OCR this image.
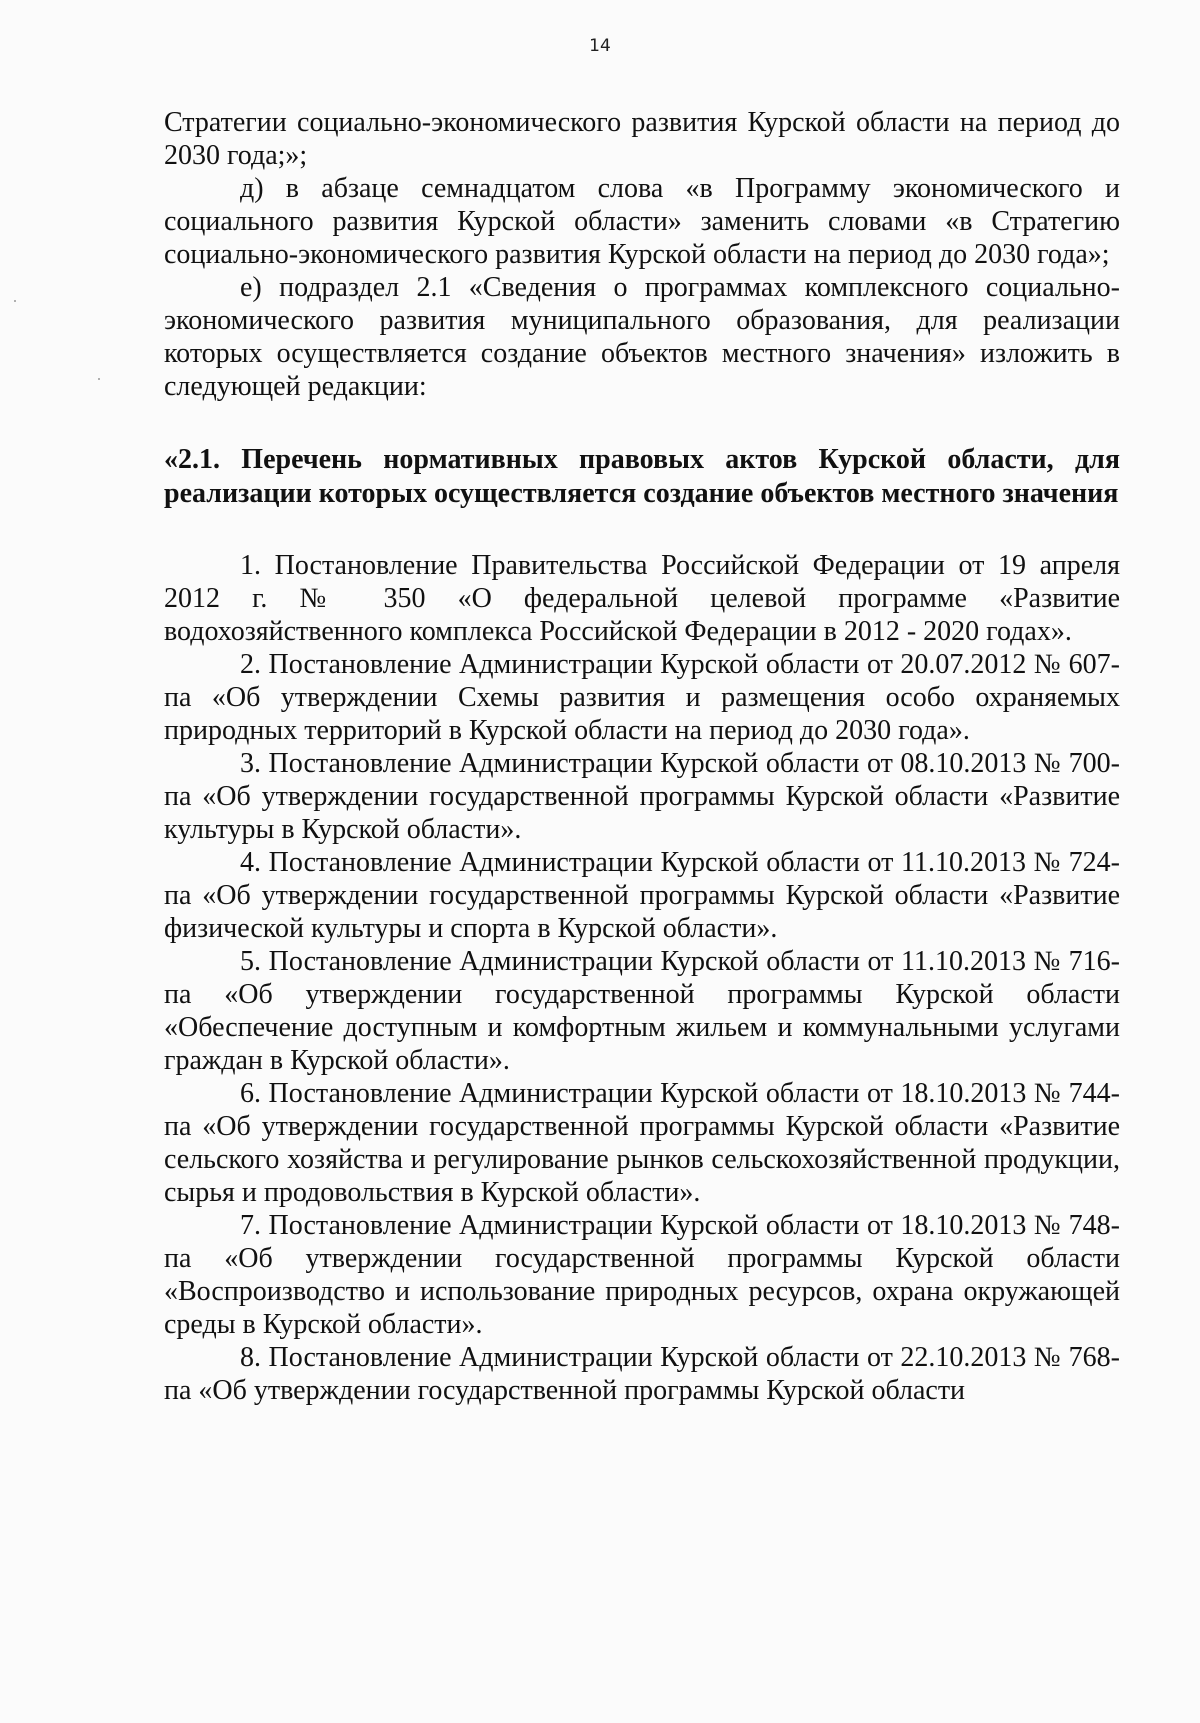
14

Стратегии социально-экономического развития Курской области на период до 2030 года;»;

д) в абзаце семнадцатом слова «в Программу экономического и социального развития Курской области» заменить словами «в Стратегию социально-экономического развития Курской области на период до 2030 года»;

е) подраздел 2.1 «Сведения о программах комплексного социально-экономического развития муниципального образования, для реализации которых осуществляется создание объектов местного значения» изложить в следующей редакции:

«2.1. Перечень нормативных правовых актов Курской области, для реализации которых осуществляется создание объектов местного значения

1. Постановление Правительства Российской Федерации от 19 апреля 2012 г. № 350 «О федеральной целевой программе «Развитие водохозяйственного комплекса Российской Федерации в 2012 - 2020 годах».

2. Постановление Администрации Курской области от 20.07.2012 № 607-па «Об утверждении Схемы развития и размещения особо охраняемых природных территорий в Курской области на период до 2030 года».

3. Постановление Администрации Курской области от 08.10.2013 № 700-па «Об утверждении государственной программы Курской области «Развитие культуры в Курской области».

4. Постановление Администрации Курской области от 11.10.2013 № 724-па «Об утверждении государственной программы Курской области «Развитие физической культуры и спорта в Курской области».

5. Постановление Администрации Курской области от 11.10.2013 № 716-па «Об утверждении государственной программы Курской области «Обеспечение доступным и комфортным жильем и коммунальными услугами граждан в Курской области».

6. Постановление Администрации Курской области от 18.10.2013 № 744-па «Об утверждении государственной программы Курской области «Развитие сельского хозяйства и регулирование рынков сельскохозяйственной продукции, сырья и продовольствия в Курской области».

7. Постановление Администрации Курской области от 18.10.2013 № 748-па «Об утверждении государственной программы Курской области «Воспроизводство и использование природных ресурсов, охрана окружающей среды в Курской области».

8. Постановление Администрации Курской области от 22.10.2013 № 768-па «Об утверждении государственной программы Курской области
